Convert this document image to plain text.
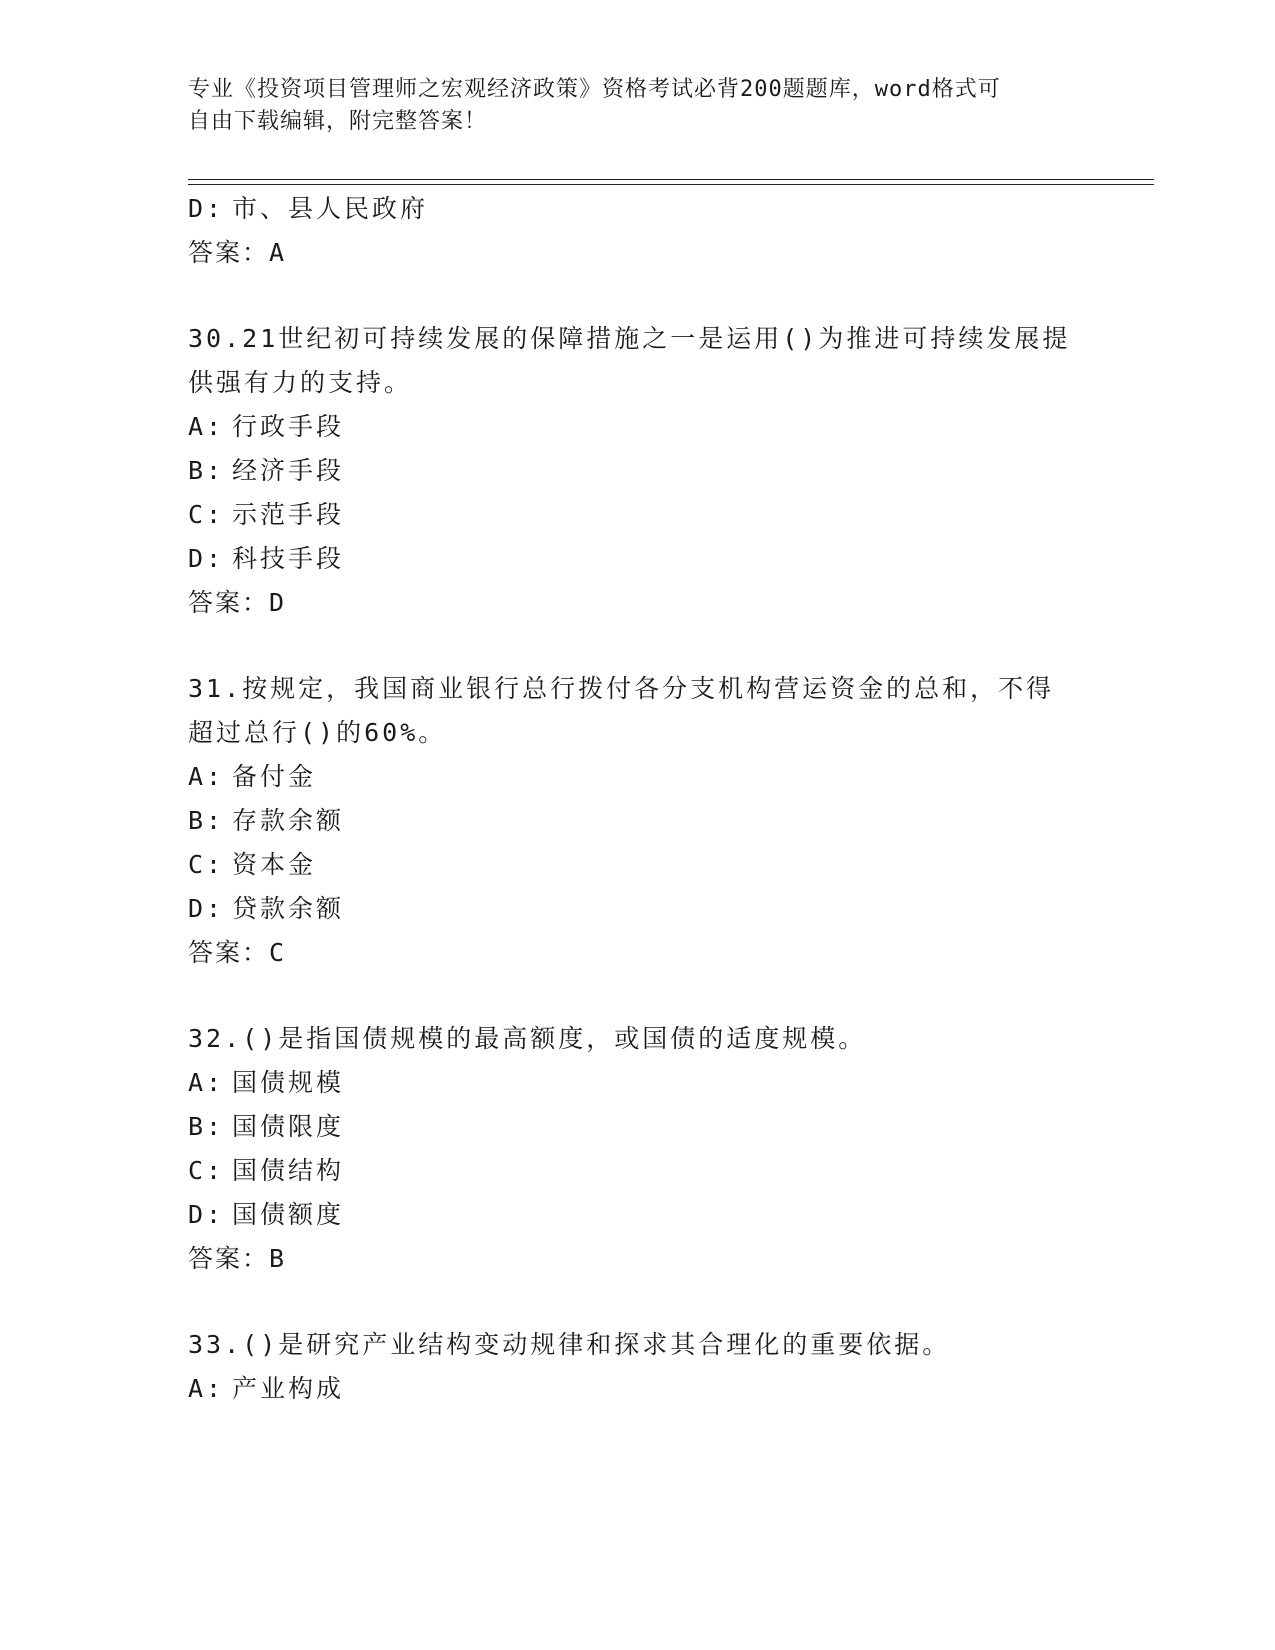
专业《投资项目管理师之宏观经济政策》资格考试必背200题题库，word格式可

自由下载编辑，附完整答案！

D: 市、县人民政府
答案：A
30.21世纪初可持续发展的保障措施之一是运用()为推进可持续发展提
供强有力的支持。
A: 行政手段
B: 经济手段
C: 示范手段
D: 科技手段
答案：D
31.按规定，我国商业银行总行拨付各分支机构营运资金的总和，不得
超过总行()的60%。
A: 备付金
B: 存款余额
C: 资本金
D: 贷款余额
答案：C
32.()是指国债规模的最高额度，或国债的适度规模。
A: 国债规模
B: 国债限度
C: 国债结构
D: 国债额度
答案：B
33.()是研究产业结构变动规律和探求其合理化的重要依据。
A: 产业构成
